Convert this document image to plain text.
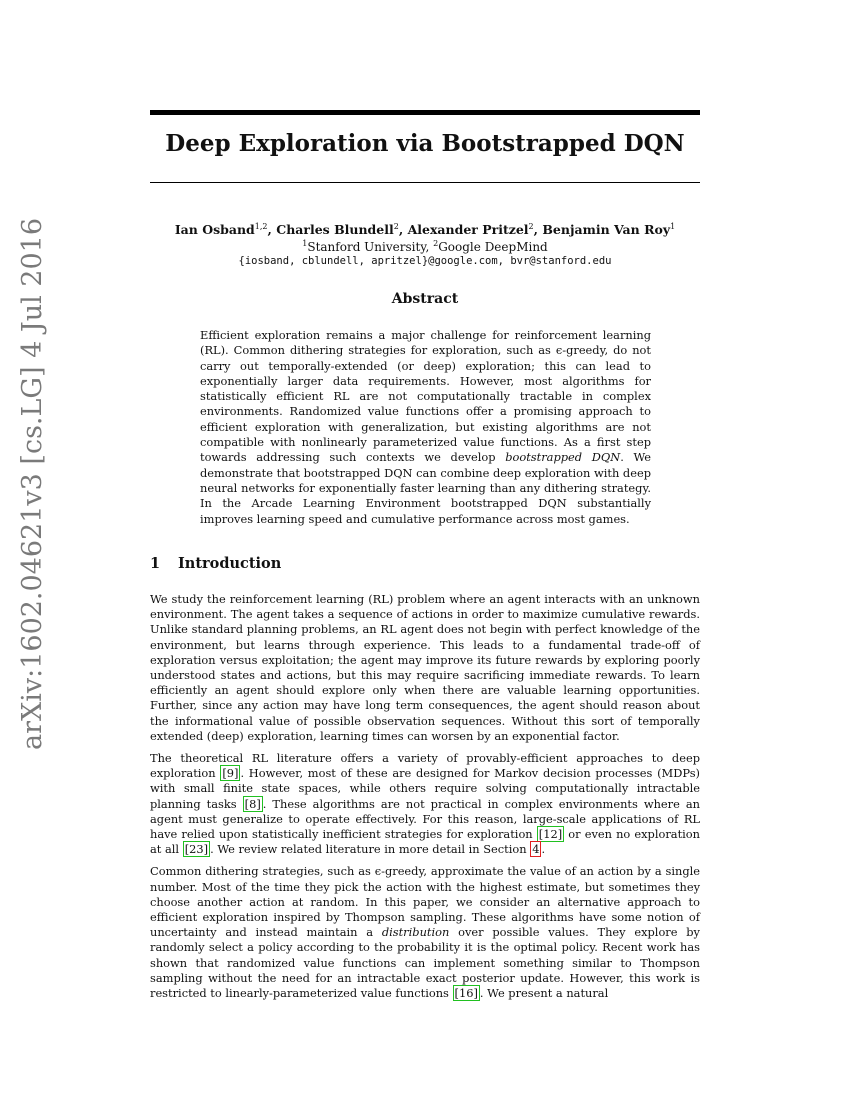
Deep Exploration via Bootstrapped DQN
arXiv:1602.04621v3 [cs.LG] 4 Jul 2016	Ian Osband$^{1,2}$, Charles Blundell$^2$, Alexander Pritzel$^2$, Benjamin Van Roy$^1$
$^1$Stanford University, $^2$Google DeepMind
{iosband, cblundell, apritzel}@google.com, bvr@stanford.edu
Abstract
Efficient exploration remains a major challenge for reinforcement learning (RL). Common dithering strategies for exploration, such as ϵ-greedy, do not carry out temporally-extended (or deep) exploration; this can lead to exponentially larger data requirements. However, most algorithms for statistically efficient RL are not computationally tractable in complex environments. Randomized value functions offer a promising approach to efficient exploration with generalization, but existing algorithms are not compatible with nonlinearly parameterized value functions. As a first step towards addressing such contexts we develop bootstrapped DQN. We demonstrate that bootstrapped DQN can combine deep exploration with deep neural networks for exponentially faster learning than any dithering strategy. In the Arcade Learning Environment bootstrapped DQN substantially improves learning speed and cumulative performance across most games.
1 Introduction

We study the reinforcement learning (RL) problem where an agent interacts with an unknown environment. The agent takes a sequence of actions in order to maximize cumulative rewards. Unlike standard planning problems, an RL agent does not begin with perfect knowledge of the environment, but learns through experience. This leads to a fundamental trade-off of exploration versus exploitation; the agent may improve its future rewards by exploring poorly understood states and actions, but this may require sacrificing immediate rewards. To learn efficiently an agent should explore only when there are valuable learning opportunities. Further, since any action may have long term consequences, the agent should reason about the informational value of possible observation sequences. Without this sort of temporally extended (deep) exploration, learning times can worsen by an exponential factor.

The theoretical RL literature offers a variety of provably-efficient approaches to deep exploration [9] . However, most of these are designed for Markov decision processes (MDPs) with small finite state spaces, while others require solving computationally intractable planning tasks [8] . These algorithms are not practical in complex environments where an agent must generalize to operate effectively. For this reason, large-scale applications of RL have relied upon statistically inefficient strategies for exploration [12] or even no exploration at all [23] . We review related literature in more detail in Section 4 .

Common dithering strategies, such as ϵ-greedy, approximate the value of an action by a single number. Most of the time they pick the action with the highest estimate, but sometimes they choose another action at random. In this paper, we consider an alternative approach to efficient exploration inspired by Thompson sampling. These algorithms have some notion of uncertainty and instead maintain a distribution over possible values. They explore by randomly select a policy according to the probability it is the optimal policy. Recent work has shown that randomized value functions can implement something similar to Thompson sampling without the need for an intractable exact posterior update. However, this work is restricted to linearly-parameterized value functions [16] . We present a natural
